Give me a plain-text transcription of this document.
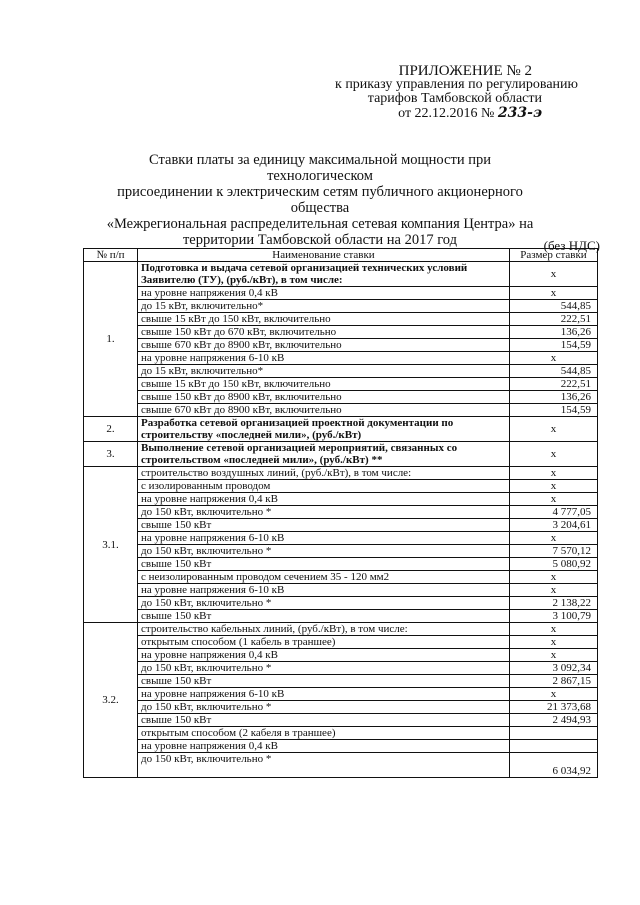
ПРИЛОЖЕНИЕ № 2
к приказу управления по регулированию
тарифов Тамбовской области
от 22.12.2016 № 233-э
Ставки платы за единицу максимальной мощности при технологическом
присоединении к электрическим сетям публичного акционерного общества
«Межрегиональная распределительная сетевая компания Центра» на
территории Тамбовской области на 2017 год	(без НДС)
№ п/п	Наименование ставки	Размер ставки
1.	Подготовка и выдача сетевой организацией технических условий Заявителю (ТУ), (руб./кВт), в том числе:	x
	на уровне напряжения 0,4 кВ	x
	до 15 кВт, включительно*	544,85
	свыше 15 кВт до 150 кВт, включительно	222,51
	свыше 150 кВт до 670 кВт, включительно	136,26
	свыше 670 кВт до 8900 кВт, включительно	154,59
	на уровне напряжения 6-10 кВ	x
	до 15 кВт, включительно*	544,85
	свыше 15 кВт до 150 кВт, включительно	222,51
	свыше 150 кВт до 8900 кВт, включительно	136,26
	свыше 670 кВт до 8900 кВт, включительно	154,59
2.	Разработка сетевой организацией проектной документации по строительству «последней мили», (руб./кВт)	x
3.	Выполнение сетевой организацией мероприятий, связанных со строительством «последней мили», (руб./кВт) **	x
3.1.	строительство воздушных линий, (руб./кВт), в том числе:	x
	с изолированным проводом	x
	на уровне напряжения 0,4 кВ	x
	до 150 кВт, включительно *	4 777,05
	свыше 150 кВт	3 204,61
	на уровне напряжения 6-10 кВ	x
	до 150 кВт, включительно *	7 570,12
	свыше 150 кВт	5 080,92
	с неизолированным проводом сечением 35 - 120 мм2	x
	на уровне напряжения 6-10 кВ	x
	до 150 кВт, включительно *	2 138,22
	свыше 150 кВт	3 100,79
3.2.	строительство кабельных линий, (руб./кВт), в том числе:	x
	открытым способом (1 кабель в траншее)	x
	на уровне напряжения 0,4 кВ	x
	до 150 кВт, включительно *	3 092,34
	свыше 150 кВт	2 867,15
	на уровне напряжения 6-10 кВ	x
	до 150 кВт, включительно *	21 373,68
	свыше 150 кВт	2 494,93
	открытым способом (2 кабеля в траншее)	
	на уровне напряжения 0,4 кВ	
	до 150 кВт, включительно *	6 034,92
